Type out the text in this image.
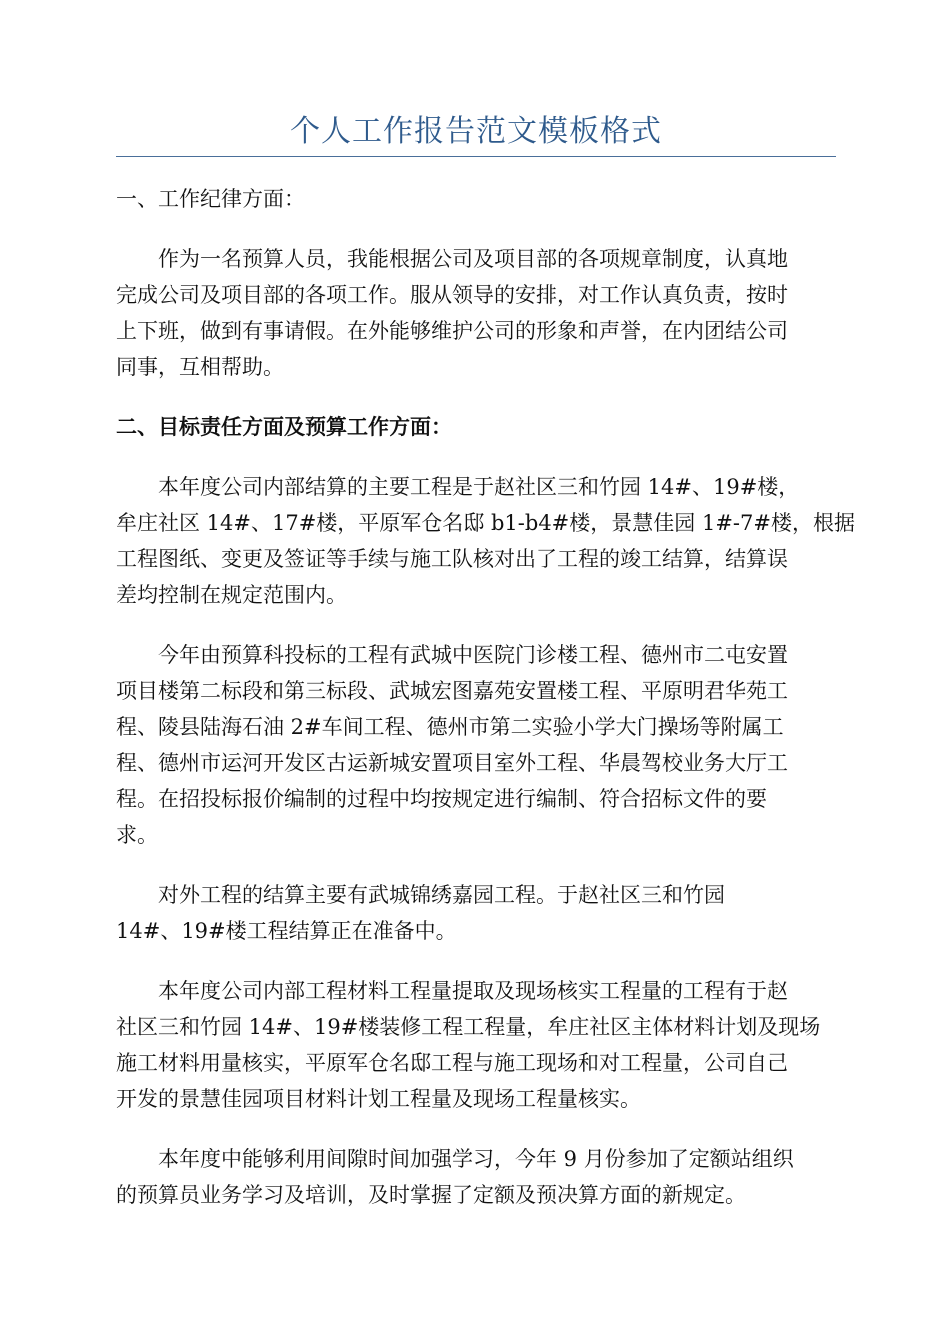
个人工作报告范文模板格式

一、工作纪律方面：

作为一名预算人员，我能根据公司及项目部的各项规章制度，认真地
完成公司及项目部的各项工作。服从领导的安排，对工作认真负责，按时
上下班，做到有事请假。在外能够维护公司的形象和声誉，在内团结公司
同事，互相帮助。

二、目标责任方面及预算工作方面：

本年度公司内部结算的主要工程是于赵社区三和竹园 14#、19#楼，
牟庄社区 14#、17#楼，平原军仓名邸 b1-b4#楼，景慧佳园 1#-7#楼，根据
工程图纸、变更及签证等手续与施工队核对出了工程的竣工结算，结算误
差均控制在规定范围内。

今年由预算科投标的工程有武城中医院门诊楼工程、德州市二屯安置
项目楼第二标段和第三标段、武城宏图嘉苑安置楼工程、平原明君华苑工
程、陵县陆海石油 2#车间工程、德州市第二实验小学大门操场等附属工
程、德州市运河开发区古运新城安置项目室外工程、华晨驾校业务大厅工
程。在招投标报价编制的过程中均按规定进行编制、符合招标文件的要
求。

对外工程的结算主要有武城锦绣嘉园工程。于赵社区三和竹园
14#、19#楼工程结算正在准备中。

本年度公司内部工程材料工程量提取及现场核实工程量的工程有于赵
社区三和竹园 14#、19#楼装修工程工程量，牟庄社区主体材料计划及现场
施工材料用量核实，平原军仓名邸工程与施工现场和对工程量，公司自己
开发的景慧佳园项目材料计划工程量及现场工程量核实。

本年度中能够利用间隙时间加强学习，今年 9 月份参加了定额站组织
的预算员业务学习及培训，及时掌握了定额及预决算方面的新规定。
